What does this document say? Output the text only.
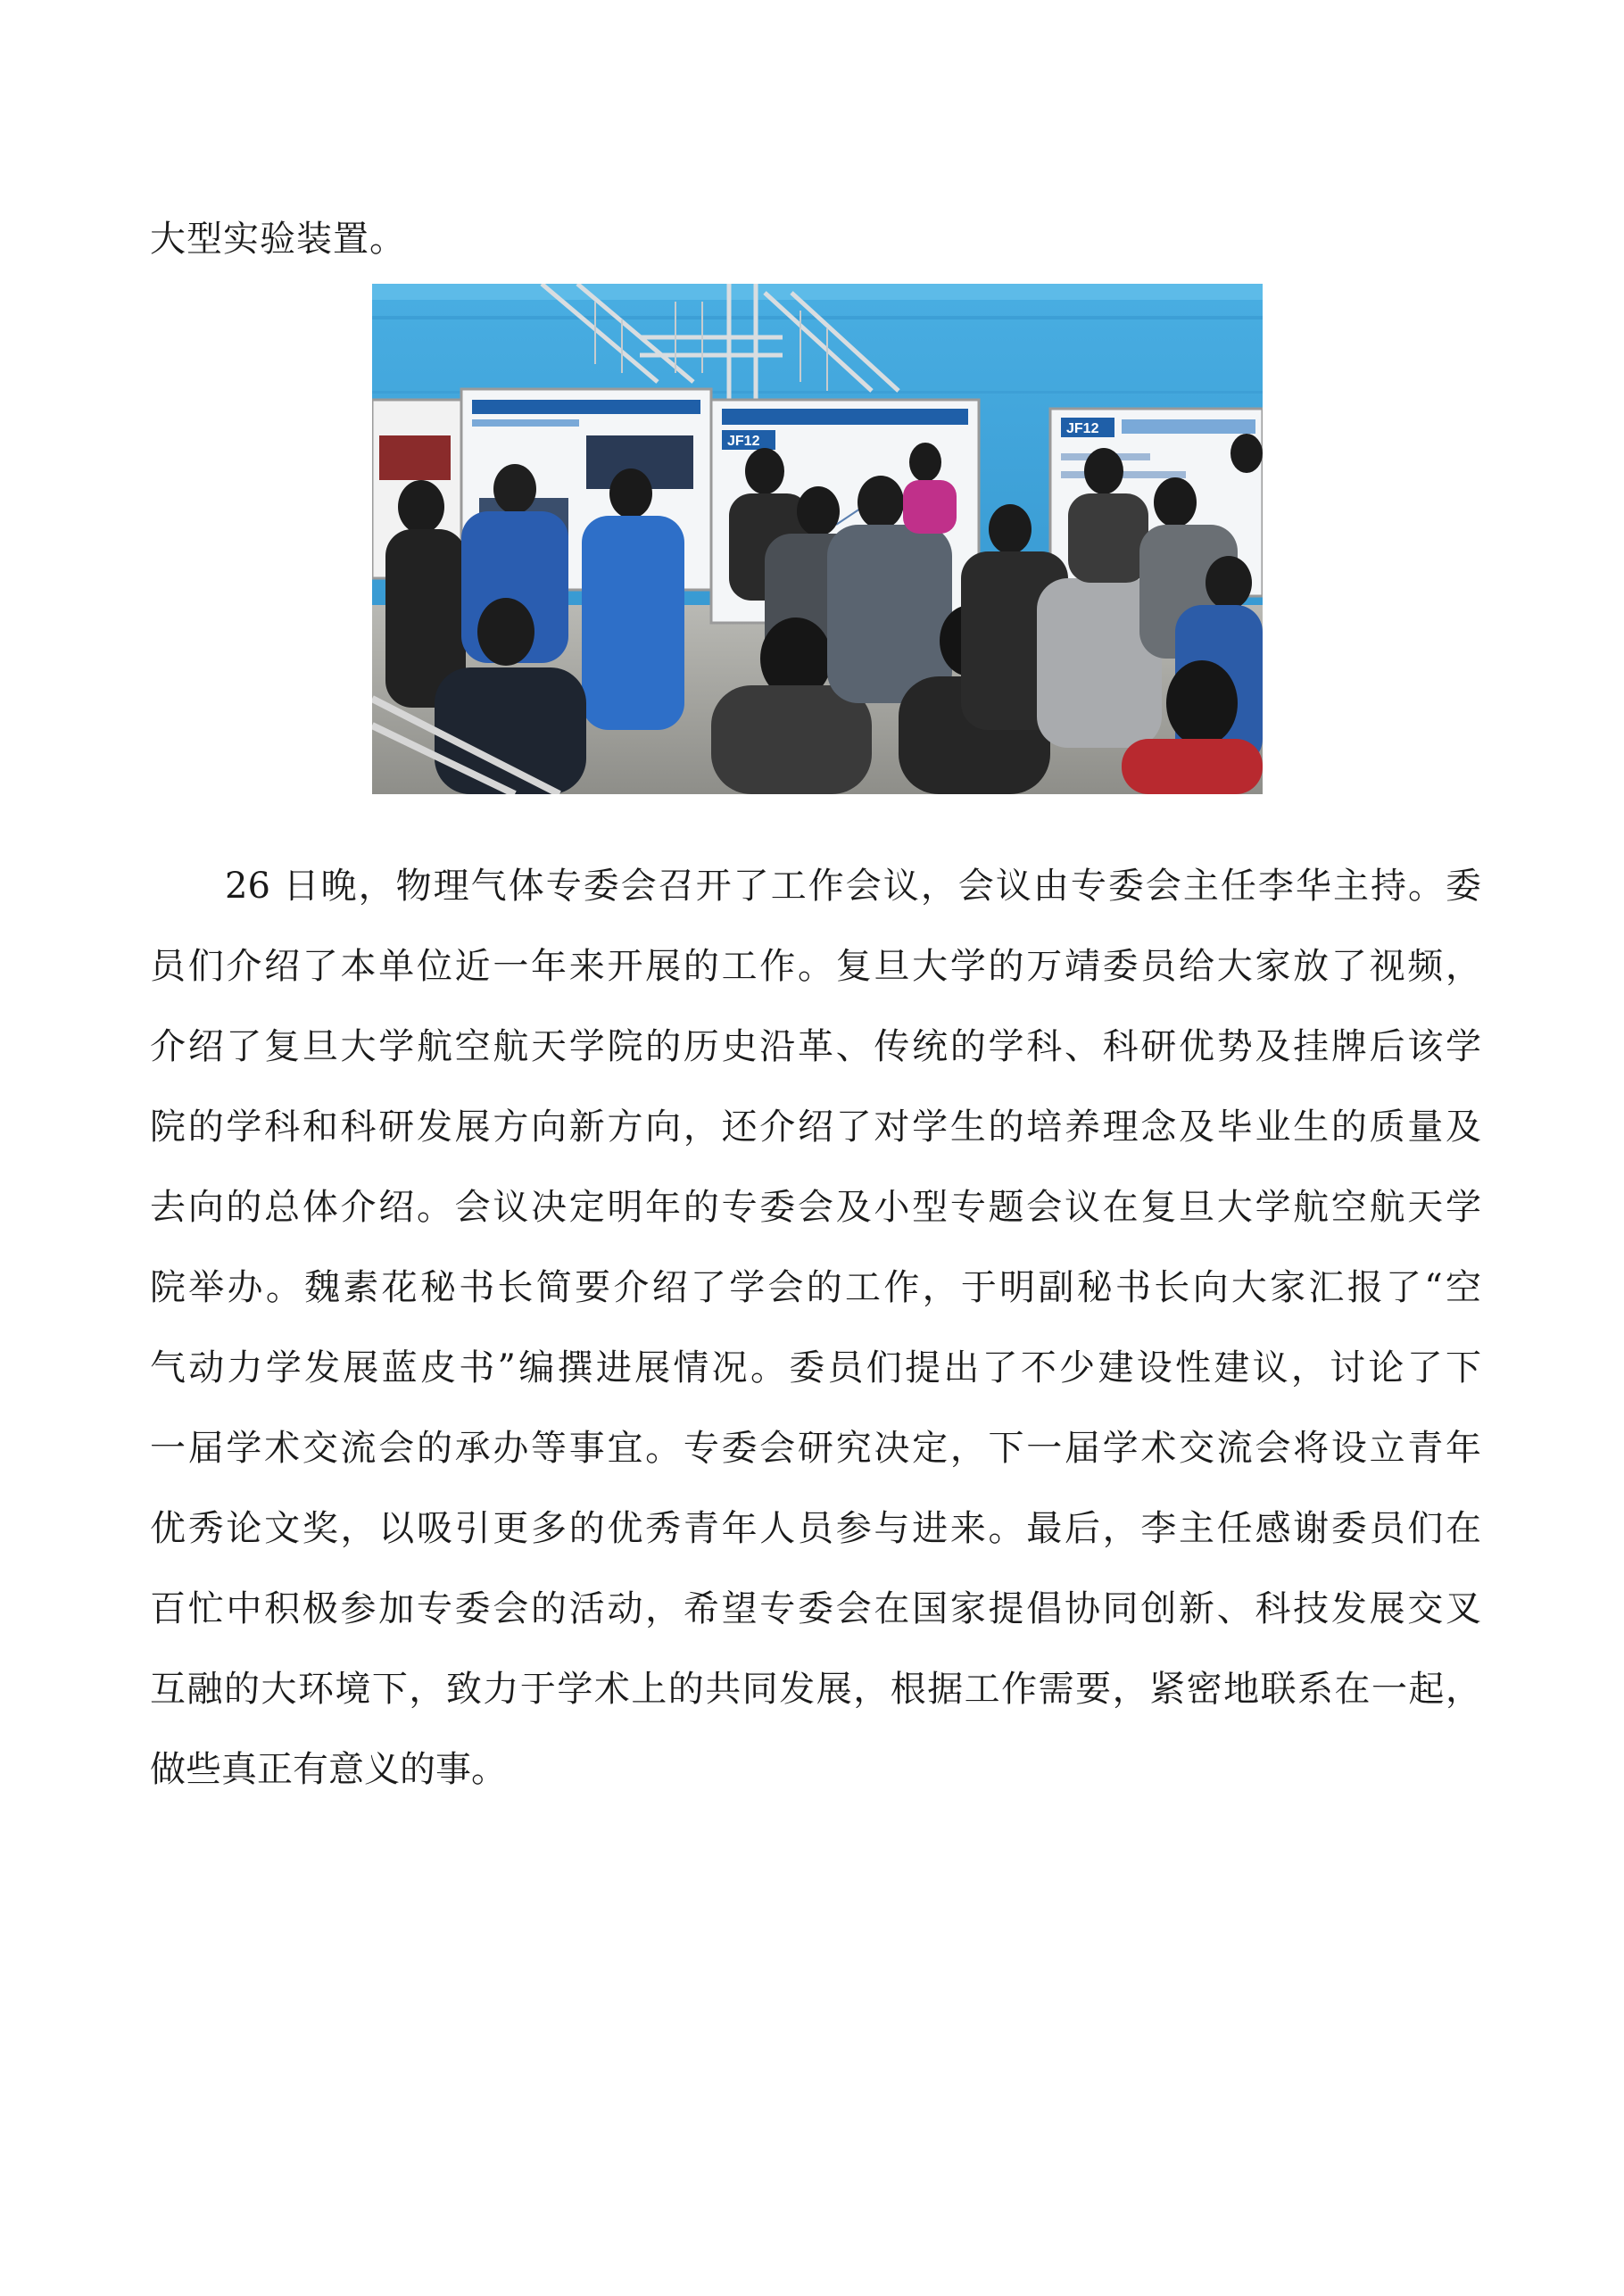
大型实验装置。
JF12
JF12
26 日晚，物理气体专委会召开了工作会议，会议由专委会主任李华主持。委
员们介绍了本单位近一年来开展的工作。复旦大学的万靖委员给大家放了视频，
介绍了复旦大学航空航天学院的历史沿革、传统的学科、科研优势及挂牌后该学
院的学科和科研发展方向新方向，还介绍了对学生的培养理念及毕业生的质量及
去向的总体介绍。会议决定明年的专委会及小型专题会议在复旦大学航空航天学
院举办。魏素花秘书长简要介绍了学会的工作，于明副秘书长向大家汇报了“空
气动力学发展蓝皮书”编撰进展情况。委员们提出了不少建设性建议，讨论了下
一届学术交流会的承办等事宜。专委会研究决定，下一届学术交流会将设立青年
优秀论文奖，以吸引更多的优秀青年人员参与进来。最后，李主任感谢委员们在
百忙中积极参加专委会的活动，希望专委会在国家提倡协同创新、科技发展交叉
互融的大环境下，致力于学术上的共同发展，根据工作需要，紧密地联系在一起，
做些真正有意义的事。
